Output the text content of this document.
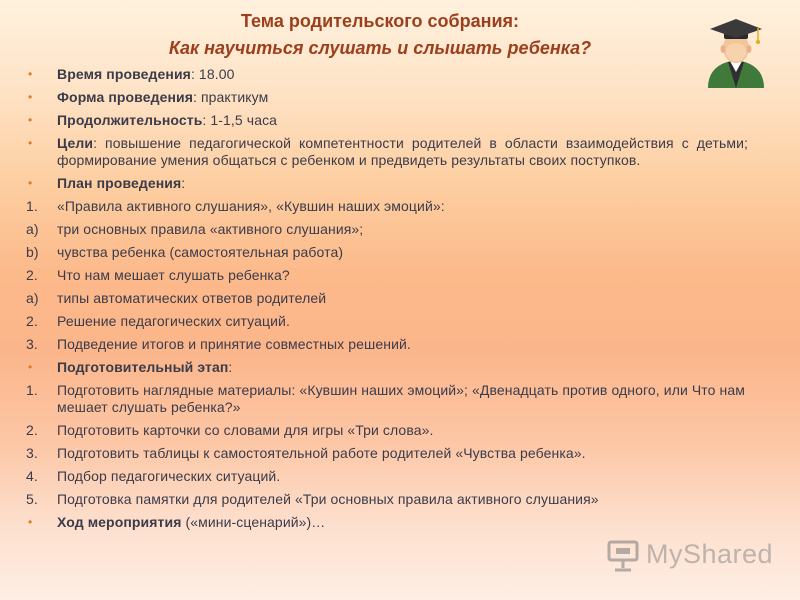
Тема родительского собрания:
Как научиться слушать и слышать ребенка?
•	Время проведения: 18.00
•	Форма проведения: практикум
•	Продолжительность: 1-1,5 часа
•	Цели: повышение педагогической компетентности родителей в области взаимодействия с детьми; формирование умения общаться с ребенком и предвидеть результаты своих поступков.
•	План проведения:
1.	«Правила активного слушания», «Кувшин наших эмоций»:
a)	три основных правила «активного слушания»;
b)	чувства ребенка (самостоятельная работа)
2.	Что нам мешает слушать ребенка?
a)	типы автоматических ответов родителей
2.	Решение педагогических ситуаций.
3.	Подведение итогов и принятие совместных решений.
•	Подготовительный этап:
1.	Подготовить наглядные материалы: «Кувшин наших эмоций»; «Двенадцать против одного, или Что нам мешает слушать ребенка?»
2.	Подготовить карточки со словами для игры «Три слова».
3.	Подготовить таблицы к самостоятельной работе родителей «Чувства ребенка».
4.	Подбор педагогических ситуаций.
5.	Подготовка памятки для родителей «Три основных правила активного слушания»
•	Ход мероприятия («мини-сценарий»)…
MyShared
